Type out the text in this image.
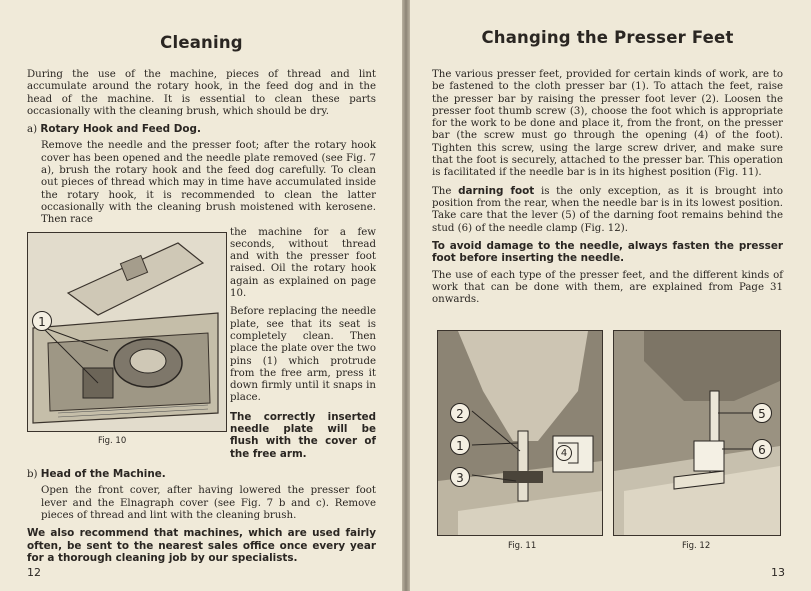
Cleaning

During the use of the machine, pieces of thread and lint accumulate around the rotary hook, in the feed dog and in the head of the machine. It is essential to clean these parts occasionally with the cleaning brush, which should be dry.

a) Rotary Hook and Feed Dog.

Remove the needle and the presser foot; after the rotary hook cover has been opened and the needle plate removed (see Fig. 7 a), brush the rotary hook and the feed dog carefully. To clean out pieces of thread which may in time have accumulated inside the rotary hook, it is recommended to clean the latter occasionally with the cleaning brush moistened with kerosene. Then race

the machine for a few seconds, without thread and with the presser foot raised. Oil the rotary hook again as explained on page 10.

Before replacing the needle plate, see that its seat is completely clean. Then place the plate over the two pins (1) which protrude from the free arm, press it down firmly until it snaps in place.

The correctly inserted needle plate will be flush with the cover of the free arm.

b) Head of the Machine.

Open the front cover, after having lowered the presser foot lever and the Elnagraph cover (see Fig. 7 b and c). Remove pieces of thread and lint with the cleaning brush.

We also recommend that machines, which are used fairly often, be sent to the nearest sales office once every year for a thorough cleaning job by our specialists.

12
1
Fig. 10
Changing the Presser Feet

The various presser feet, provided for certain kinds of work, are to be fastened to the cloth presser bar (1). To attach the feet, raise the presser bar by raising the presser foot lever (2). Loosen the presser foot thumb screw (3), choose the foot which is appropriate for the work to be done and place it, from the front, on the presser bar (the screw must go through the opening (4) of the foot). Tighten this screw, using the large screw driver, and make sure that the foot is securely, attached to the presser bar. This operation is facilitated if the needle bar is in its highest position (Fig. 11).

The darning foot is the only exception, as it is brought into position from the rear, when the needle bar is in its lowest position. Take care that the lever (5) of the darning foot remains behind the stud (6) of the needle clamp (Fig. 12).

To avoid damage to the needle, always fasten the presser foot before inserting the needle.

The use of each type of the presser feet, and the different kinds of work that can be done with them, are explained from Page 31 onwards.

2
1
3
4
Fig. 11
5
6
Fig. 12
13
